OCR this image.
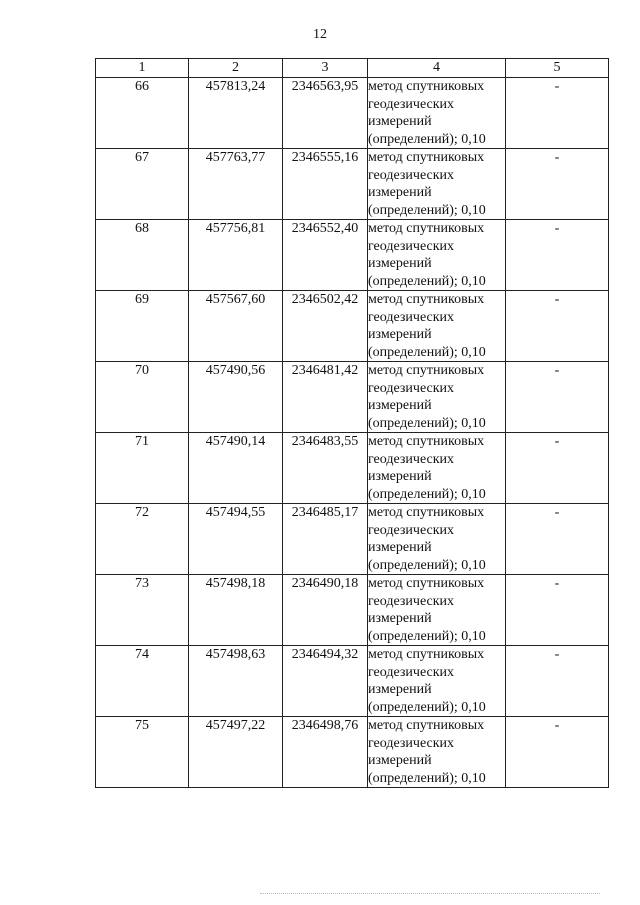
12
1	2	3	4	5
66	457813,24	2346563,95	метод спутниковых
геодезических
измерений
(определений); 0,10	-
67	457763,77	2346555,16	метод спутниковых
геодезических
измерений
(определений); 0,10	-
68	457756,81	2346552,40	метод спутниковых
геодезических
измерений
(определений); 0,10	-
69	457567,60	2346502,42	метод спутниковых
геодезических
измерений
(определений); 0,10	-
70	457490,56	2346481,42	метод спутниковых
геодезических
измерений
(определений); 0,10	-
71	457490,14	2346483,55	метод спутниковых
геодезических
измерений
(определений); 0,10	-
72	457494,55	2346485,17	метод спутниковых
геодезических
измерений
(определений); 0,10	-
73	457498,18	2346490,18	метод спутниковых
геодезических
измерений
(определений); 0,10	-
74	457498,63	2346494,32	метод спутниковых
геодезических
измерений
(определений); 0,10	-
75	457497,22	2346498,76	метод спутниковых
геодезических
измерений
(определений); 0,10	-
